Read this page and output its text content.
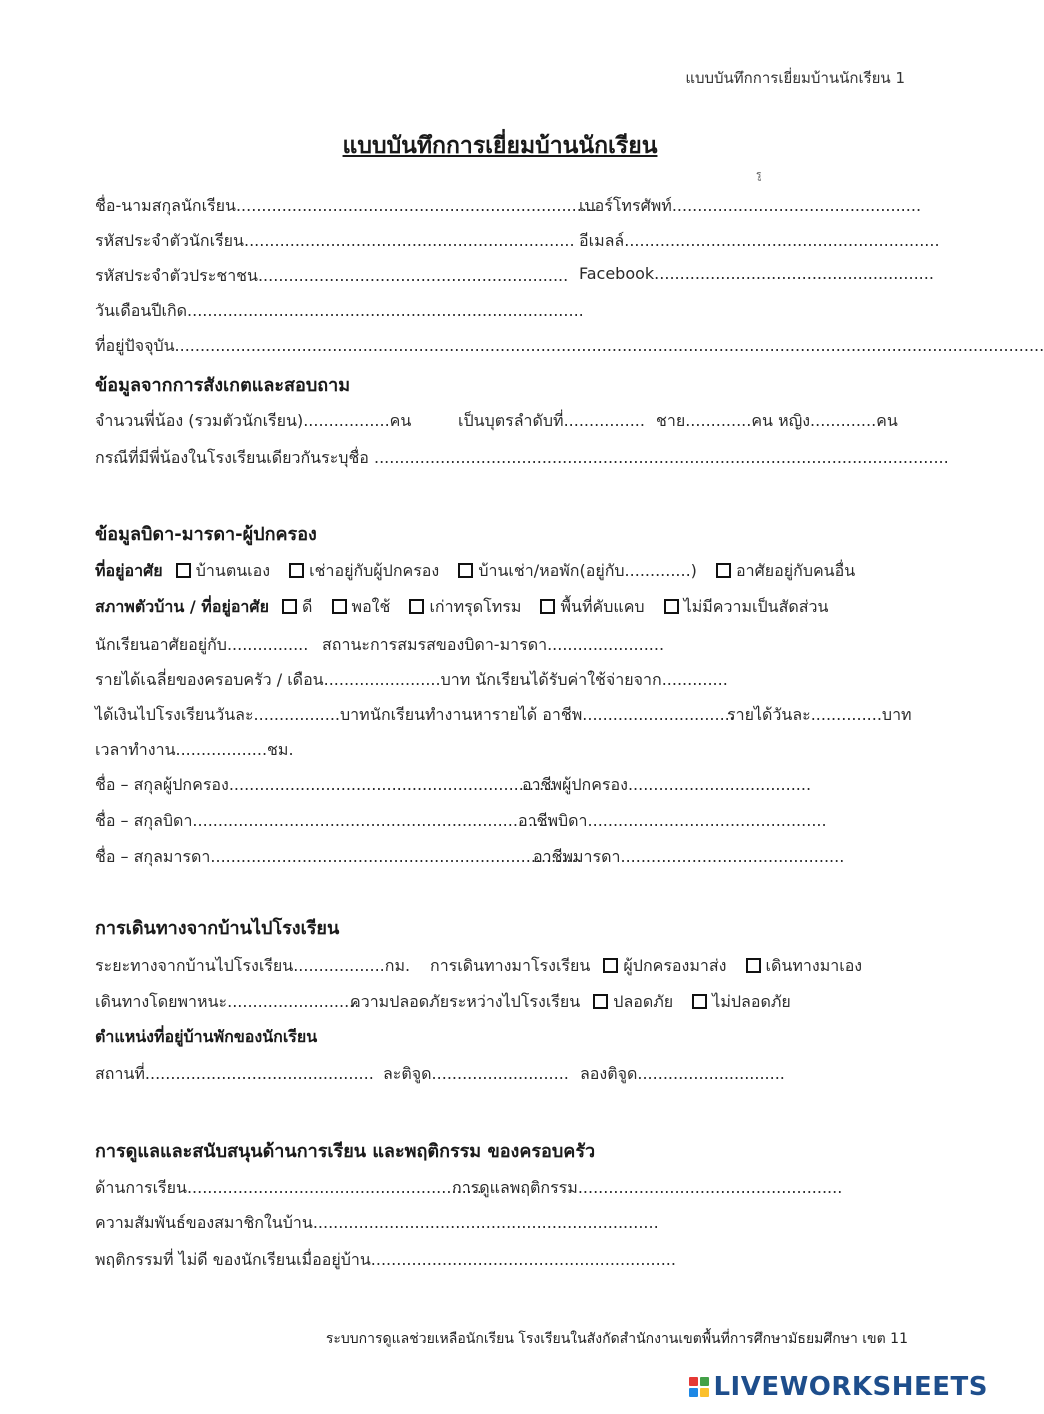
แบบบันทึกการเยี่ยมบ้านนักเรียน 1
แบบบันทึกการเยี่ยมบ้านนักเรียน
รู
ชื่อ-นามสกุลนักเรียน.......................................................................
เบอร์โทรศัพท์.................................................
รหัสประจำตัวนักเรียน................................................................. อีเมลล์..............................................................
รหัสประจำตัวประชาชน............................................................. Facebook.......................................................
วันเดือนปีเกิด..............................................................................
ที่อยู่ปัจจุบัน...........................................................................................................................................................................
ข้อมูลจากการสังเกตและสอบถาม
จำนวนพี่น้อง (รวมตัวนักเรียน).................คน	เป็นบุตรลำดับที่................ ชาย.............คน หญิง.............คน
กรณีที่มีพี่น้องในโรงเรียนเดียวกันระบุชื่อ .................................................................................................................
ข้อมูลบิดา-มารดา-ผู้ปกครอง
ที่อยู่อาศัย บ้านตนเอง เช่าอยู่กับผู้ปกครอง บ้านเช่า/หอพัก(อยู่กับ.............) อาศัยอยู่กับคนอื่น
สภาพตัวบ้าน / ที่อยู่อาศัย ดี พอใช้ เก่าทรุดโทรม พื้นที่คับแคบ ไม่มีความเป็นสัดส่วน
นักเรียนอาศัยอยู่กับ................ สถานะการสมรสของบิดา-มารดา.......................
รายได้เฉลี่ยของครอบครัว / เดือน.......................บาท นักเรียนได้รับค่าใช้จ่ายจาก.............
ได้เงินไปโรงเรียนวันละ.................บาท นักเรียนทำงานหารายได้ อาชีพ..............................
รายได้วันละ..............บาท
เวลาทำงาน..................ชม.
ชื่อ – สกุลผู้ปกครอง................................................................
อาชีพผู้ปกครอง....................................
ชื่อ – สกุลบิดา.........................................................................
อาชีพบิดา...............................................
ชื่อ – สกุลมารดา.........................................................................
อาชีพมารดา............................................
การเดินทางจากบ้านไปโรงเรียน
ระยะทางจากบ้านไปโรงเรียน..................กม. การเดินทางมาโรงเรียน ผู้ปกครองมาส่ง เดินทางมาเอง
เดินทางโดยพาหนะ..........................
ความปลอดภัยระหว่างไปโรงเรียน ปลอดภัย ไม่ปลอดภัย
ตำแหน่งที่อยู่บ้านพักของนักเรียน
สถานที่............................................. ละติจูด........................... ลองติจูด.............................
การดูแลและสนับสนุนด้านการเรียน และพฤติกรรม ของครอบครัว
ด้านการเรียน..........................................................
การดูแลพฤติกรรม....................................................
ความสัมพันธ์ของสมาชิกในบ้าน....................................................................
พฤติกรรมที่ ไม่ดี ของนักเรียนเมื่ออยู่บ้าน............................................................
ระบบการดูแลช่วยเหลือนักเรียน โรงเรียนในสังกัดสำนักงานเขตพื้นที่การศึกษามัธยมศึกษา เขต 11
LIVEWORKSHEETS
